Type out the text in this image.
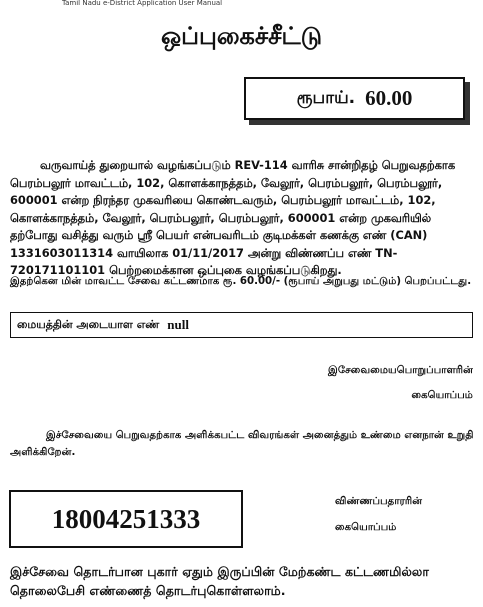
Tamil Nadu e-District Application User Manual
ஒப்புகைச்சீட்டு
ரூபாய். 60.00
வருவாய்த் துறையால் வழங்கப்படும் REV-114 வாரிசு சான்றிதழ் பெறுவதற்காக பெரம்பலூர் மாவட்டம், 102, கொளக்காநத்தம், வேலூர், பெரம்பலூர், பெரம்பலூர், 600001 என்ற நிரந்தர முகவரியை கொண்டவரும், பெரம்பலூர் மாவட்டம், 102, கொளக்காநத்தம், வேலூர், பெரம்பலூர், பெரம்பலூர், 600001 என்ற முகவரியில் தற்போது வசித்து வரும் ஸ்ரீ பெயர் என்பவரிடம் குடிமக்கள் கணக்கு எண் (CAN) 1331603011314 வாயிலாக 01/11/2017 அன்று விண்ணப்ப எண் TN-720171101101 பெற்றமைக்கான ஒப்புகை வழங்கப்படுகிறது.
இதற்கென மின் மாவட்ட சேவை கட்டணமாக ரூ. 60.00/- (ரூபாய் அறுபது மட்டும்) பெறப்பட்டது.
மையத்தின் அடையாள எண் null
இசேவைமையபொறுப்பாளரின்
கையொப்பம்
இச்சேவையை பெறுவதற்காக அளிக்கபட்ட விவரங்கள் அனைத்தும் உண்மை எனநான் உறுதி அளிக்கிறேன்.
18004251333
விண்ணப்பதாரரின்
கையொப்பம்
இச்சேவை தொடர்பான புகார் ஏதும் இருப்பின் மேற்கண்ட கட்டணமில்லா தொலைபேசி எண்ணைத் தொடர்புகொள்ளலாம்.
